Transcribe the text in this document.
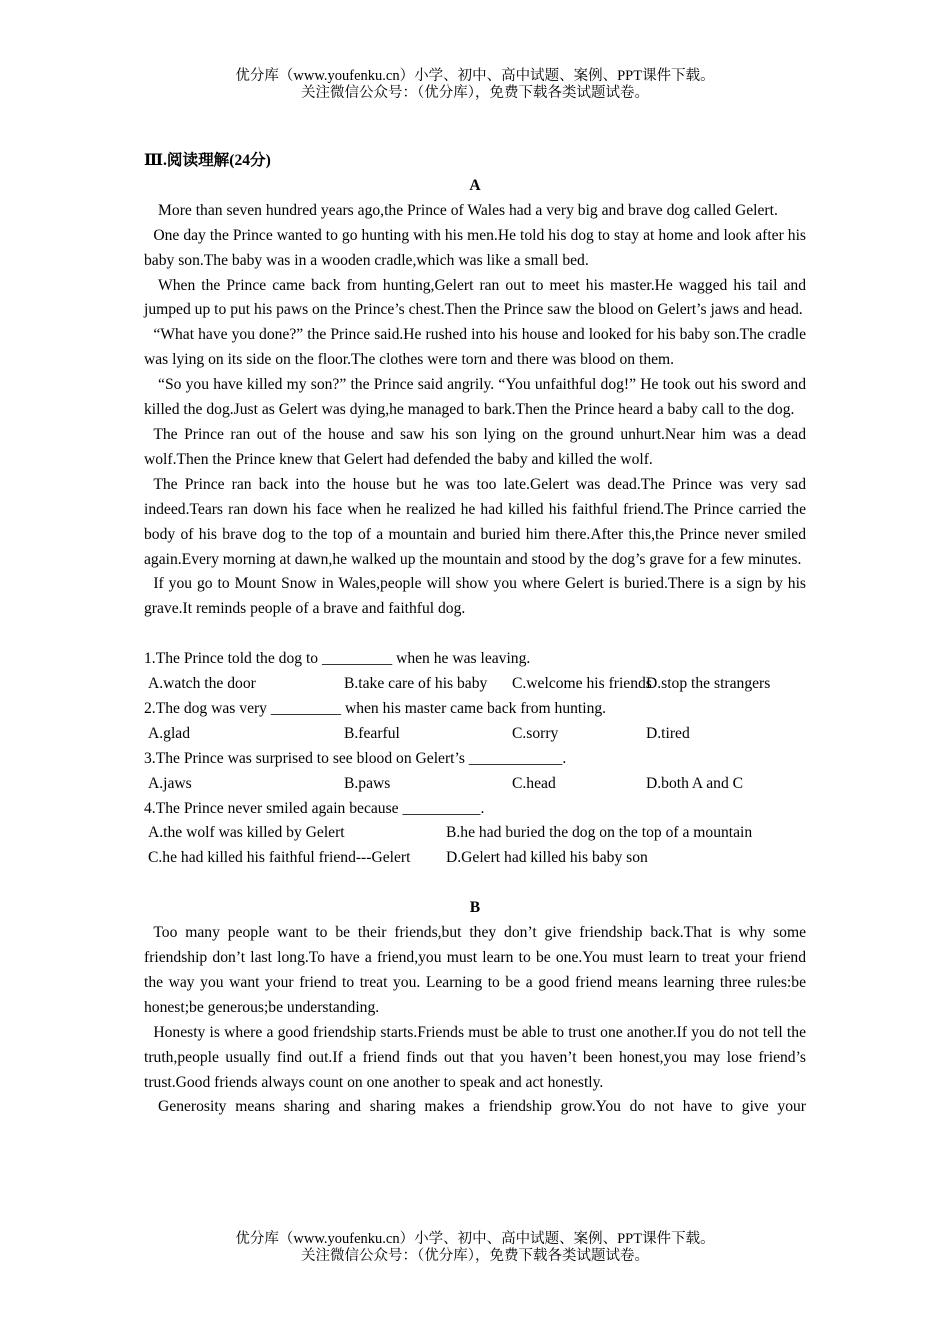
优分库（www.youfenku.cn）小学、初中、高中试题、案例、PPT课件下载。
关注微信公众号：（优分库），免费下载各类试题试卷。

Ⅲ.阅读理解(24分)

A

More than seven hundred years ago,the Prince of Wales had a very big and brave dog called Gelert.

One day the Prince wanted to go hunting with his men.He told his dog to stay at home and look after his baby son.The baby was in a wooden cradle,which was like a small bed.

When the Prince came back from hunting,Gelert ran out to meet his master.He wagged his tail and jumped up to put his paws on the Prince’s chest.Then the Prince saw the blood on Gelert’s jaws and head.

“What have you done?” the Prince said.He rushed into his house and looked for his baby son.The cradle was lying on its side on the floor.The clothes were torn and there was blood on them.

“So you have killed my son?” the Prince said angrily. “You unfaithful dog!” He took out his sword and killed the dog.Just as Gelert was dying,he managed to bark.Then the Prince heard a baby call to the dog.

The Prince ran out of the house and saw his son lying on the ground unhurt.Near him was a dead wolf.Then the Prince knew that Gelert had defended the baby and killed the wolf.

The Prince ran back into the house but he was too late.Gelert was dead.The Prince was very sad indeed.Tears ran down his face when he realized he had killed his faithful friend.The Prince carried the body of his brave dog to the top of a mountain and buried him there.After this,the Prince never smiled again.Every morning at dawn,he walked up the mountain and stood by the dog’s grave for a few minutes.

If you go to Mount Snow in Wales,people will show you where Gelert is buried.There is a sign by his grave.It reminds people of a brave and faithful dog.

1.The Prince told the dog to _________ when he was leaving.

A.watch the door	B.take care of his baby	C.welcome his friends
D.stop the strangers

2.The dog was very _________ when his master came back from hunting.

A.glad	B.fearful	C.sorry	D.tired

3.The Prince was surprised to see blood on Gelert’s ____________.

A.jaws	B.paws	C.head	D.both A and C

4.The Prince never smiled again because __________.

A.the wolf was killed by Gelert	B.he had buried the dog on the top of a mountain

C.he had killed his faithful friend---Gelert	D.Gelert had killed his baby son

B

Too many people want to be their friends,but they don’t give friendship back.That is why some friendship don’t last long.To have a friend,you must learn to be one.You must learn to treat your friend the way you want your friend to treat you. Learning to be a good friend means learning three rules:be honest;be generous;be understanding.

Honesty is where a good friendship starts.Friends must be able to trust one another.If you do not tell the truth,people usually find out.If a friend finds out that you haven’t been honest,you may lose friend’s trust.Good friends always count on one another to speak and act honestly.

Generosity means sharing and sharing makes a friendship grow.You do not have to give your

优分库（www.youfenku.cn）小学、初中、高中试题、案例、PPT课件下载。
关注微信公众号：（优分库），免费下载各类试题试卷。
